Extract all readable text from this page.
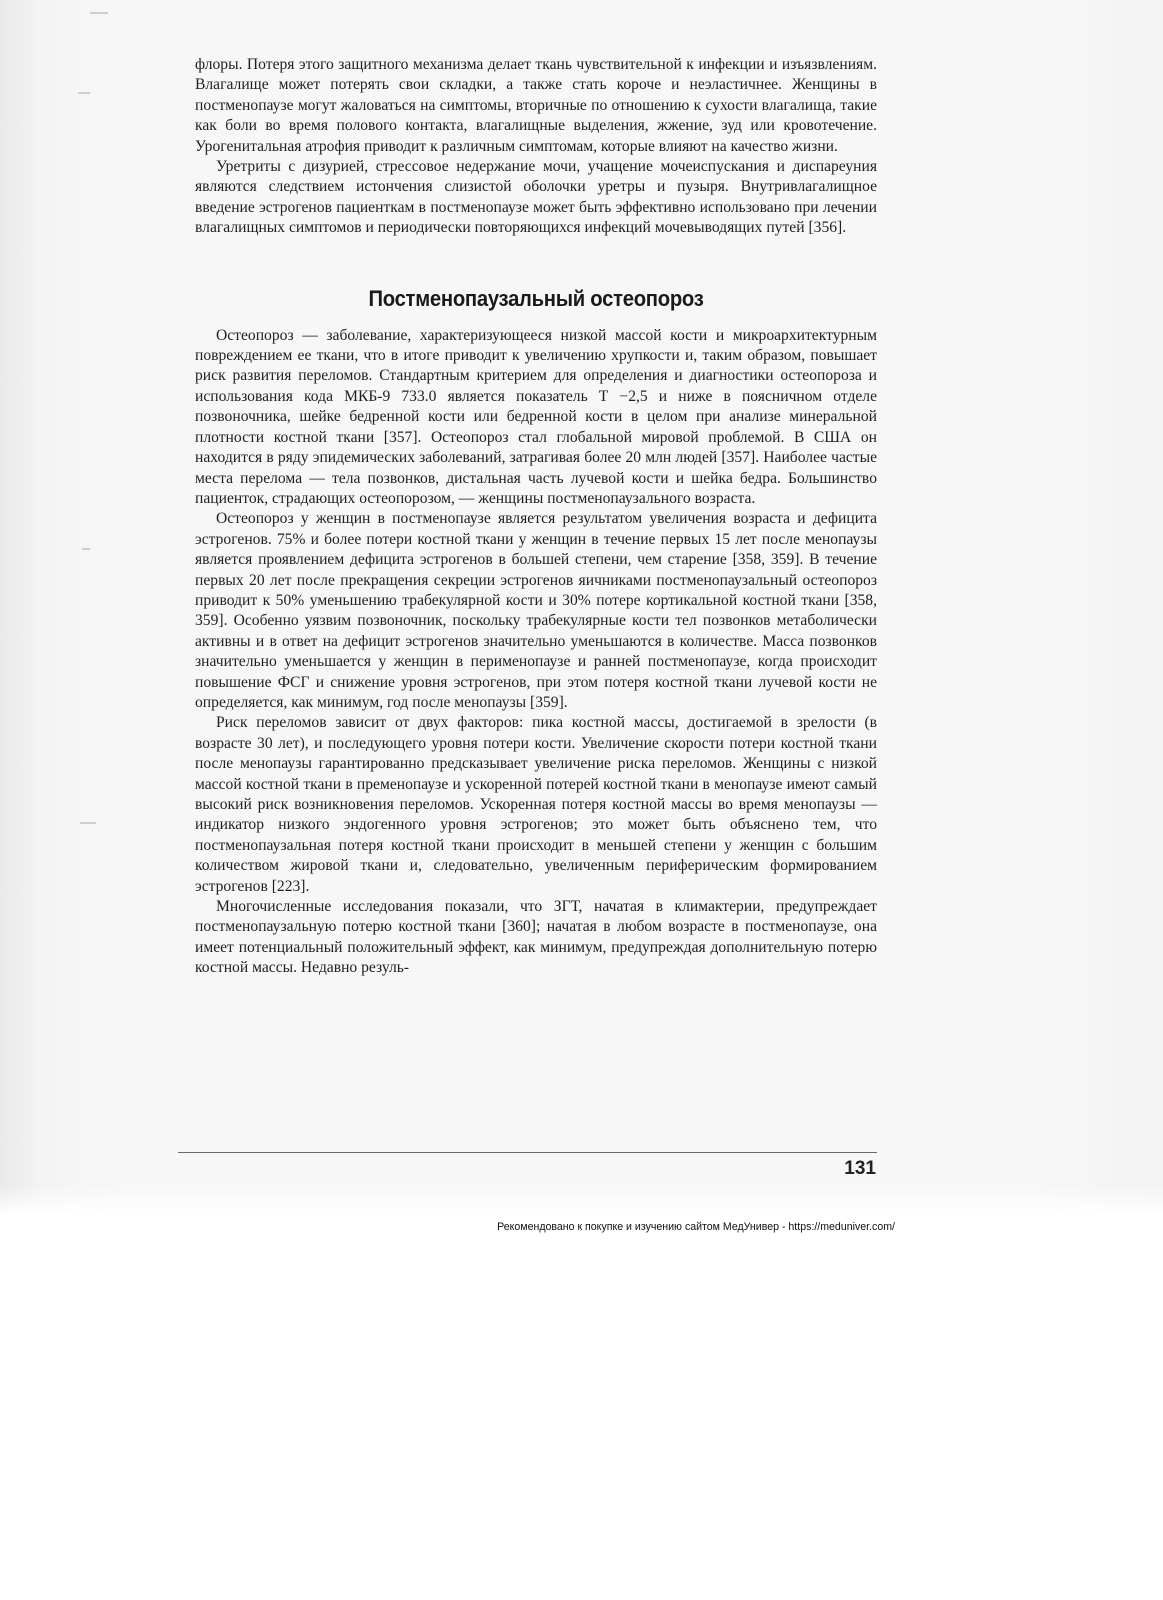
флоры. Потеря этого защитного механизма делает ткань чувствительной к инфекции и изъязвлениям. Влагалище может потерять свои складки, а также стать короче и неэластичнее. Женщины в постменопаузе могут жаловаться на симптомы, вторичные по отношению к сухости влагалища, такие как боли во время полового контакта, влагалищные выделения, жжение, зуд или кровотечение. Урогенитальная атрофия приводит к различным симптомам, которые влияют на качество жизни.

Уретриты с дизурией, стрессовое недержание мочи, учащение мочеиспускания и диспареуния являются следствием истончения слизистой оболочки уретры и пузыря. Внутривлагалищное введение эстрогенов пациенткам в постменопаузе может быть эффективно использовано при лечении влагалищных симптомов и периодически повторяющихся инфекций мочевыводящих путей [356].

Постменопаузальный остеопороз

Остеопороз — заболевание, характеризующееся низкой массой кости и микроархитектурным повреждением ее ткани, что в итоге приводит к увеличению хрупкости и, таким образом, повышает риск развития переломов. Стандартным критерием для определения и диагностики остеопороза и использования кода МКБ-9 733.0 является показатель Т −2,5 и ниже в поясничном отделе позвоночника, шейке бедренной кости или бедренной кости в целом при анализе минеральной плотности костной ткани [357]. Остеопороз стал глобальной мировой проблемой. В США он находится в ряду эпидемических заболеваний, затрагивая более 20 млн людей [357]. Наиболее частые места перелома — тела позвонков, дистальная часть лучевой кости и шейка бедра. Большинство пациенток, страдающих остеопорозом, — женщины постменопаузального возраста.

Остеопороз у женщин в постменопаузе является результатом увеличения возраста и дефицита эстрогенов. 75% и более потери костной ткани у женщин в течение первых 15 лет после менопаузы является проявлением дефицита эстрогенов в большей степени, чем старение [358, 359]. В течение первых 20 лет после прекращения секреции эстрогенов яичниками постменопаузальный остеопороз приводит к 50% уменьшению трабекулярной кости и 30% потере кортикальной костной ткани [358, 359]. Особенно уязвим позвоночник, поскольку трабекулярные кости тел позвонков метаболически активны и в ответ на дефицит эстрогенов значительно уменьшаются в количестве. Масса позвонков значительно уменьшается у женщин в перименопаузе и ранней постменопаузе, когда происходит повышение ФСГ и снижение уровня эстрогенов, при этом потеря костной ткани лучевой кости не определяется, как минимум, год после менопаузы [359].

Риск переломов зависит от двух факторов: пика костной массы, достигаемой в зрелости (в возрасте 30 лет), и последующего уровня потери кости. Увеличение скорости потери костной ткани после менопаузы гарантированно предсказывает увеличение риска переломов. Женщины с низкой массой костной ткани в пременопаузе и ускоренной потерей костной ткани в менопаузе имеют самый высокий риск возникновения переломов. Ускоренная потеря костной массы во время менопаузы — индикатор низкого эндогенного уровня эстрогенов; это может быть объяснено тем, что постменопаузальная потеря костной ткани происходит в меньшей степени у женщин с большим количеством жировой ткани и, следовательно, увеличенным периферическим формированием эстрогенов [223].

Многочисленные исследования показали, что ЗГТ, начатая в климактерии, предупреждает постменопаузальную потерю костной ткани [360]; начатая в любом возрасте в постменопаузе, она имеет потенциальный положительный эффект, как минимум, предупреждая дополнительную потерю костной массы. Недавно резуль-

131
Рекомендовано к покупке и изучению сайтом МедУнивер - https://meduniver.com/
